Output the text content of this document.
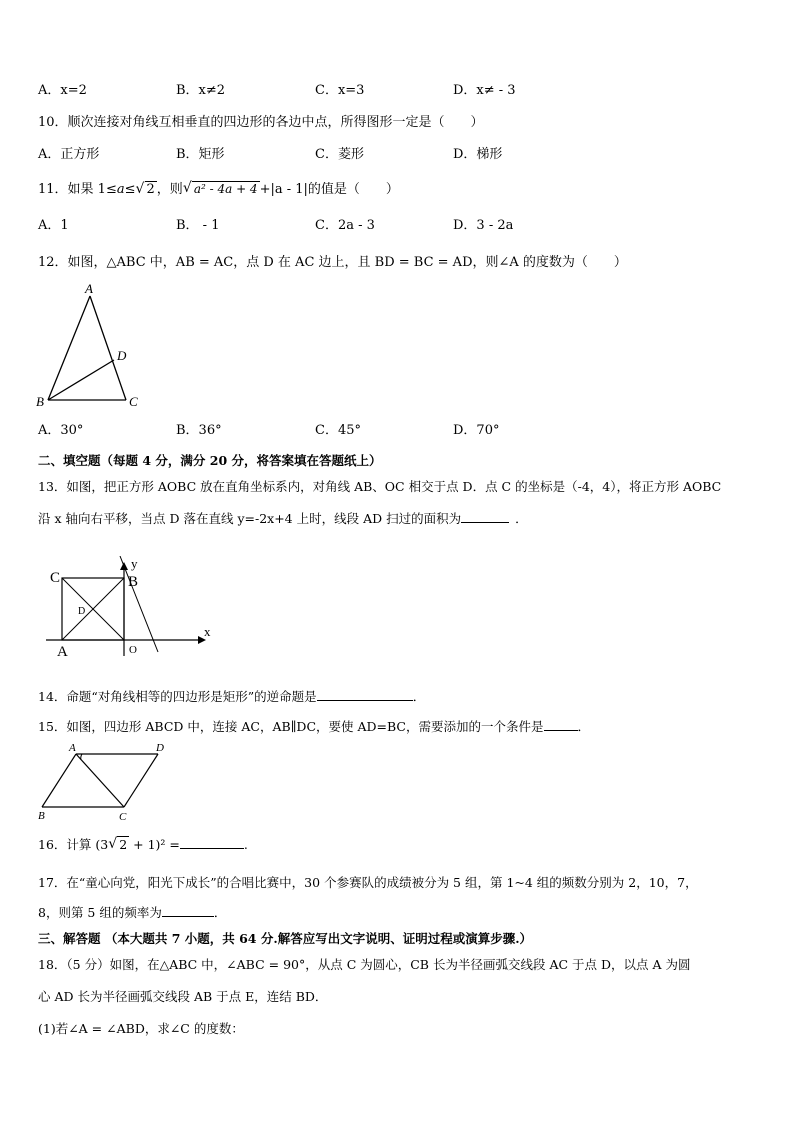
A．x=2	B．x≠2	C．x=3	D．x≠ - 3
10．顺次连接对角线互相垂直的四边形的各边中点，所得图形一定是（　　）
A．正方形	B．矩形	C．菱形	D．梯形
11．如果 1≤a≤ √ 2 ，则 √ a² - 4a + 4 +|a - 1|的值是（　　）
A．1	B． - 1	C．2a - 3	D．3 - 2a
12．如图，△ABC 中，AB = AC，点 D 在 AC 边上，且 BD = BC = AD，则∠A 的度数为（　　）
A
D
B	C
A．30°	B．36°	C．45°	D．70°
二、填空题（每题 4 分，满分 20 分，将答案填在答题纸上）
13．如图，把正方形 AOBC 放在直角坐标系内，对角线 AB、OC 相交于点 D．点 C 的坐标是（-4，4），将正方形 AOBC
沿 x 轴向右平移，当点 D 落在直线 y=-2x+4 上时，线段 AD 扫过的面积为	．
C	B
D
A	O
x
y
14．命题“对角线相等的四边形是矩形”的逆命题是	．
15．如图，四边形 ABCD 中，连接 AC，AB∥DC，要使 AD=BC，需要添加的一个条件是	．
A	D
B	C
16．计算 (3 √ 2 + 1)² =	.
17．在“童心向党，阳光下成长”的合唱比赛中，30 个参赛队的成绩被分为 5 组，第 1~4 组的频数分别为 2，10，7，
8，则第 5 组的频率为	．
三、解答题 （本大题共 7 小题，共 64 分.解答应写出文字说明、证明过程或演算步骤.）
18．（5 分）如图，在△ABC 中，∠ABC = 90°，从点 C 为圆心，CB 长为半径画弧交线段 AC 于点 D，以点 A 为圆
心 AD 长为半径画弧交线段 AB 于点 E，连结 BD．
(1)若∠A = ∠ABD，求∠C 的度数：
